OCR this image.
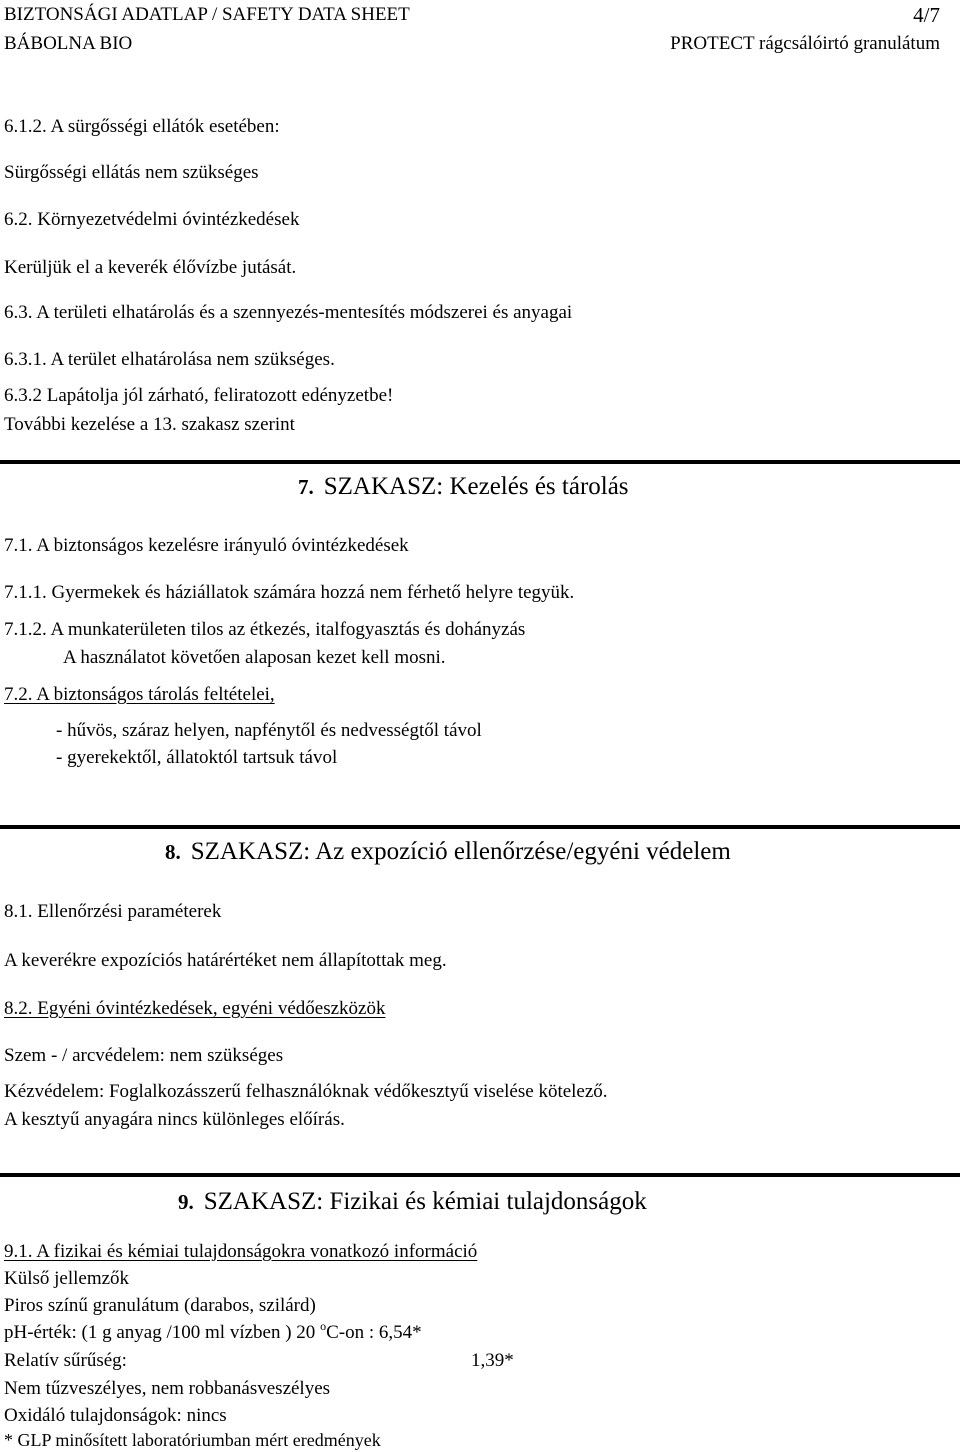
BIZTONSÁGI ADATLAP / SAFETY DATA SHEET
BÁBOLNA BIO
4/7
PROTECT rágcsálóirtó granulátum
6.1.2. A sürgősségi ellátók esetében:
Sürgősségi ellátás nem szükséges
6.2. Környezetvédelmi óvintézkedések
Kerüljük el a keverék élővízbe jutását.
6.3. A területi elhatárolás és a szennyezés-mentesítés módszerei és anyagai
6.3.1. A terület elhatárolása nem szükséges.
6.3.2 Lapátolja jól zárható, feliratozott edényzetbe!
További kezelése a 13. szakasz szerint
7. SZAKASZ: Kezelés és tárolás
7.1. A biztonságos kezelésre irányuló óvintézkedések
7.1.1. Gyermekek és háziállatok számára hozzá nem férhető helyre tegyük.
7.1.2. A munkaterületen tilos az étkezés, italfogyasztás és dohányzás
A használatot követően alaposan kezet kell mosni.
7.2. A biztonságos tárolás feltételei,
- hűvös, száraz helyen, napfénytől és nedvességtől távol
- gyerekektől, állatoktól tartsuk távol
8. SZAKASZ: Az expozíció ellenőrzése/egyéni védelem
8.1. Ellenőrzési paraméterek
A keverékre expozíciós határértéket nem állapítottak meg.
8.2. Egyéni óvintézkedések, egyéni védőeszközök
Szem - / arcvédelem: nem szükséges
Kézvédelem: Foglalkozásszerű felhasználóknak védőkesztyű viselése kötelező.
A kesztyű anyagára nincs különleges előírás.
9. SZAKASZ: Fizikai és kémiai tulajdonságok
9.1. A fizikai és kémiai tulajdonságokra vonatkozó információ
Külső jellemzők
Piros színű granulátum (darabos, szilárd)
pH-érték: (1 g anyag /100 ml vízben ) 20 $^o$C-on : 6,54*
Relatív sűrűség:	1,39*
Nem tűzveszélyes, nem robbanásveszélyes
Oxidáló tulajdonságok: nincs
* GLP minősített laboratóriumban mért eredmények
